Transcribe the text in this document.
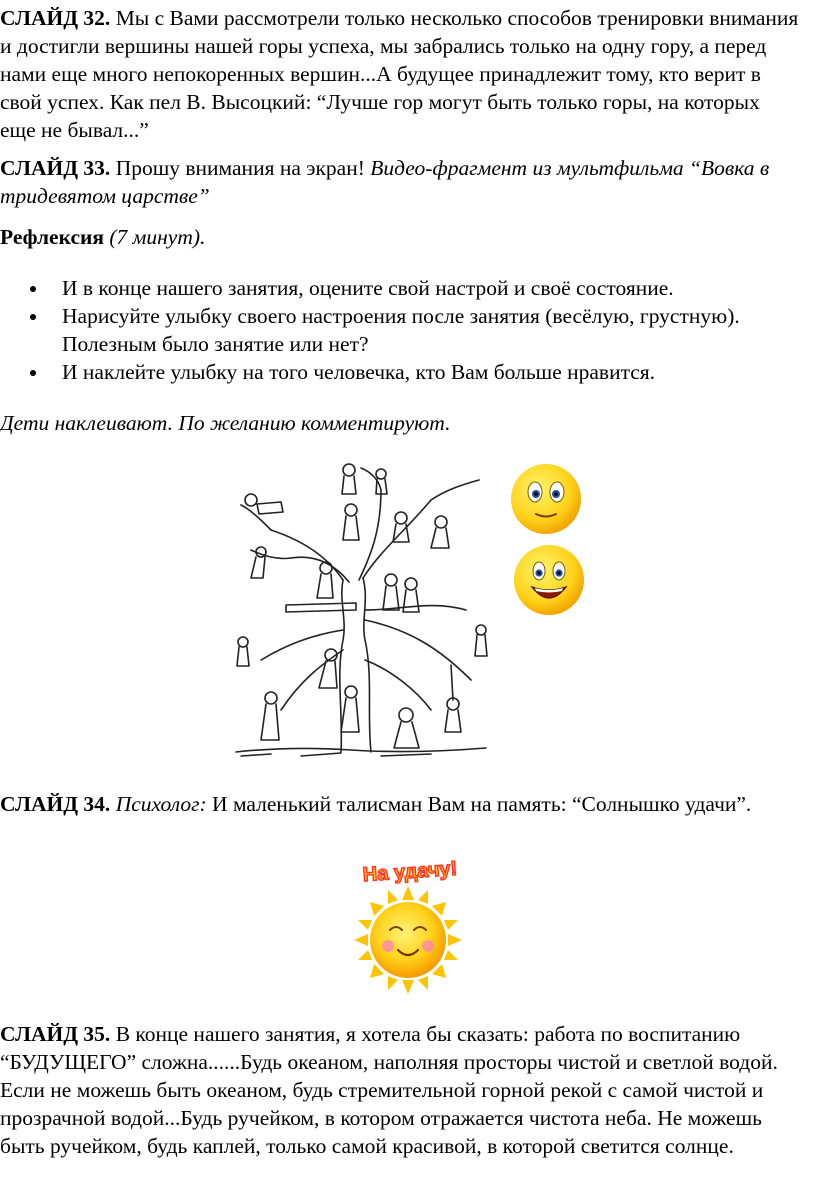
СЛАЙД 32. Мы с Вами рассмотрели только несколько способов тренировки внимания и достигли вершины нашей горы успеха, мы забрались только на одну гору, а перед нами еще много непокоренных вершин...А будущее принадлежит тому, кто верит в свой успех. Как пел В. Высоцкий: “Лучше гор могут быть только горы, на которых еще не бывал...”

СЛАЙД 33. Прошу внимания на экран! Видео-фрагмент из мультфильма “Вовка в тридевятом царстве”

Рефлексия (7 минут).

И в конце нашего занятия, оцените свой настрой и своё состояние.
Нарисуйте улыбку своего настроения после занятия (весёлую, грустную). Полезным было занятие или нет?
И наклейте улыбку на того человечка, кто Вам больше нравится.

Дети наклеивают. По желанию комментируют.

СЛАЙД 34. Психолог: И маленький талисман Вам на память: “Солнышко удачи”.

На удачу!

СЛАЙД 35. В конце нашего занятия, я хотела бы сказать: работа по воспитанию “БУДУЩЕГО” сложна......Будь океаном, наполняя просторы чистой и светлой водой. Если не можешь быть океаном, будь стремительной горной рекой с самой чистой и прозрачной водой...Будь ручейком, в котором отражается чистота неба. Не можешь быть ручейком, будь каплей, только самой красивой, в которой светится солнце.
